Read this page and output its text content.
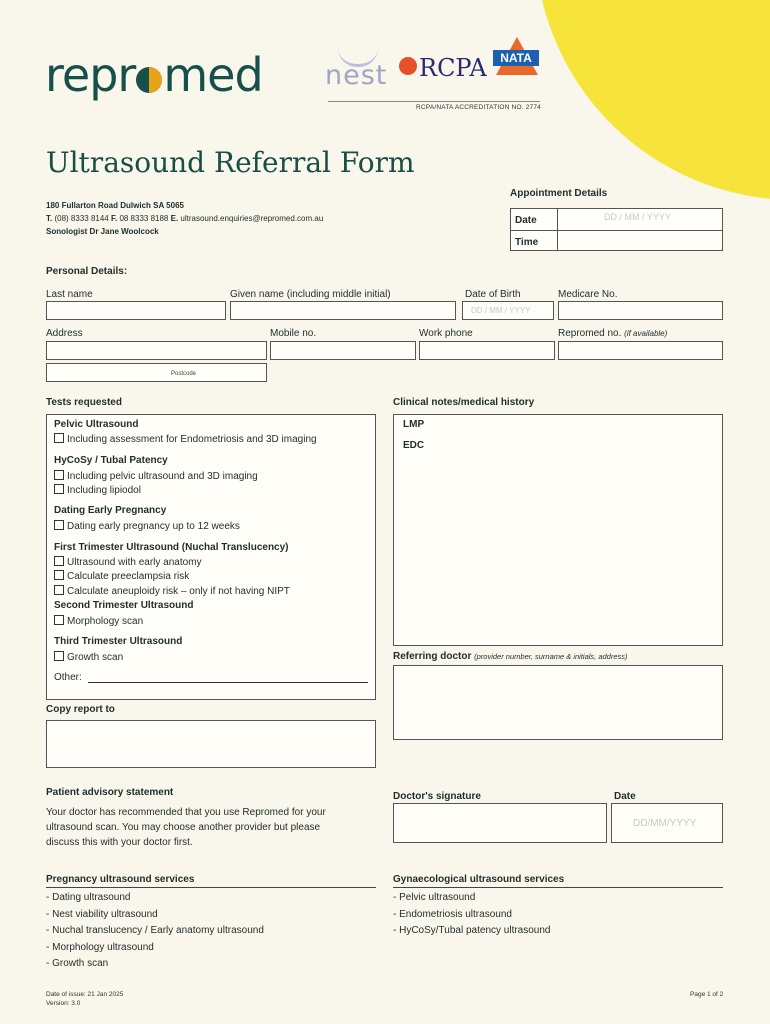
repr med nest	RCPA	NATA
RCPA/NATA ACCREDITATION NO. 2774
Ultrasound Referral Form
180 Fullarton Road Dulwich SA 5065
T. (08) 8333 8144 F. 08 8333 8188 E. ultrasound.enquiries@repromed.com.au
Sonologist Dr Jane Woolcock
Appointment Details
Date	DD / MM / YYYY
Time
Personal Details:
Last name	Given name (including middle initial)	Date of Birth	Medicare No.
DD / MM / YYYY
Address	Mobile no.	Work phone	Repromed no. (if available)
Postcode
Tests requested
Pelvic Ultrasound
Including assessment for Endometriosis and 3D imaging
HyCoSy / Tubal Patency
Including pelvic ultrasound and 3D imaging
Including lipiodol
Dating Early Pregnancy
Dating early pregnancy up to 12 weeks
First Trimester Ultrasound (Nuchal Translucency)
Ultrasound with early anatomy
Calculate preeclampsia risk
Calculate aneuploidy risk – only if not having NIPT
Second Trimester Ultrasound
Morphology scan
Third Trimester Ultrasound
Growth scan
Other:
Clinical notes/medical history
LMP
EDC
Referring doctor (provider number, surname & initials, address)
Copy report to
Patient advisory statement
Your doctor has recommended that you use Repromed for your
ultrasound scan. You may choose another provider but please
discuss this with your doctor first.
Doctor's signature	Date
DD/MM/YYYY
Pregnancy ultrasound services
- Dating ultrasound
- Nest viability ultrasound
- Nuchal translucency / Early anatomy ultrasound
- Morphology ultrasound
- Growth scan
Gynaecological ultrasound services
- Pelvic ultrasound
- Endometriosis ultrasound
- HyCoSy/Tubal patency ultrasound
Date of issue: 21 Jan 2025
Version: 3.0
Page 1 of 2
